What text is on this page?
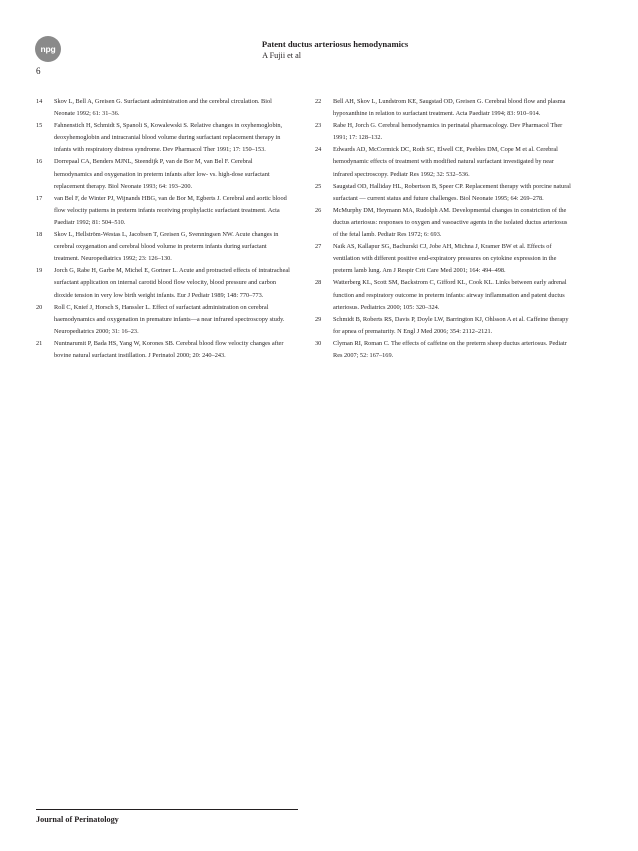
npg	Patent ductus arteriosus hemodynamics
A Fujii et al
6

14 Skov L, Bell A, Greisen G. Surfactant administration and the cerebral circulation. Biol Neonate 1992; 61: 31–36.

15 Fahnenstich H, Schmidt S, Spanoli S, Kowalewski S. Relative changes in oxyhemoglobin, deoxyhemoglobin and intracranial blood volume during surfactant replacement therapy in infants with respiratory distress syndrome. Dev Pharmacol Ther 1991; 17: 150–153.

16 Dorrepaal CA, Benders MJNL, Steendijk P, van de Bor M, van Bel F. Cerebral hemodynamics and oxygenation in preterm infants after low- vs. high-dose surfactant replacement therapy. Biol Neonate 1993; 64: 193–200.

17 van Bel F, de Winter PJ, Wijnands HBG, van de Bor M, Egberts J. Cerebral and aortic blood flow velocity patterns in preterm infants receiving prophylactic surfactant treatment. Acta Paediatr 1992; 81: 504–510.

18 Skov L, Hellström-Westas L, Jacobsen T, Greisen G, Svenningsen NW. Acute changes in cerebral oxygenation and cerebral blood volume in preterm infants during surfactant treatment. Neuropediatrics 1992; 23: 126–130.

19 Jorch G, Rabe H, Garbe M, Michel E, Gortner L. Acute and protracted effects of intratracheal surfactant application on internal carotid blood flow velocity, blood pressure and carbon dioxide tension in very low birth weight infants. Eur J Pediatr 1989; 148: 770–773.

20 Roll C, Knief J, Horsch S, Hanssler L. Effect of surfactant administration on cerebral haemodynamics and oxygenation in premature infants—a near infrared spectroscopy study. Neuropediatrics 2000; 31: 16–23.

21 Nuntnarumit P, Bada HS, Yang W, Korones SB. Cerebral blood flow velocity changes after bovine natural surfactant instillation. J Perinatol 2000; 20: 240–243.

22 Bell AH, Skov L, Lundstrom KE, Saugstad OD, Greisen G. Cerebral blood flow and plasma hypoxanthine in relation to surfactant treatment. Acta Paediatr 1994; 83: 910–914.

23 Rabe H, Jorch G. Cerebral hemodynamics in perinatal pharmacology. Dev Pharmacol Ther 1991; 17: 128–132.

24 Edwards AD, McCormick DC, Roth SC, Elwell CE, Peebles DM, Cope M et al. Cerebral hemodynamic effects of treatment with modified natural surfactant investigated by near infrared spectroscopy. Pediatr Res 1992; 32: 532–536.

25 Saugstad OD, Halliday HL, Robertson B, Speer CP. Replacement therapy with porcine natural surfactant — current status and future challenges. Biol Neonate 1995; 64: 269–278.

26 McMurphy DM, Heymann MA, Rudolph AM. Developmental changes in constriction of the ductus arteriosus: responses to oxygen and vasoactive agents in the isolated ductus arteriosus of the fetal lamb. Pediatr Res 1972; 6: 693.

27 Naik AS, Kallapur SG, Bachurski CJ, Jobe AH, Michna J, Kramer BW et al. Effects of ventilation with different positive end-expiratory pressures on cytokine expression in the preterm lamb lung. Am J Respir Crit Care Med 2001; 164: 494–498.

28 Watterberg KL, Scott SM, Backstrom C, Gifford KL, Cook KL. Links between early adrenal function and respiratory outcome in preterm infants: airway inflammation and patent ductus arteriosus. Pediatrics 2000; 105: 320–324.

29 Schmidt B, Roberts RS, Davis P, Doyle LW, Barrington KJ, Ohlsson A et al. Caffeine therapy for apnea of prematurity. N Engl J Med 2006; 354: 2112–2121.

30 Clyman RI, Roman C. The effects of caffeine on the preterm sheep ductus arteriosus. Pediatr Res 2007; 52: 167–169.

Journal of Perinatology
